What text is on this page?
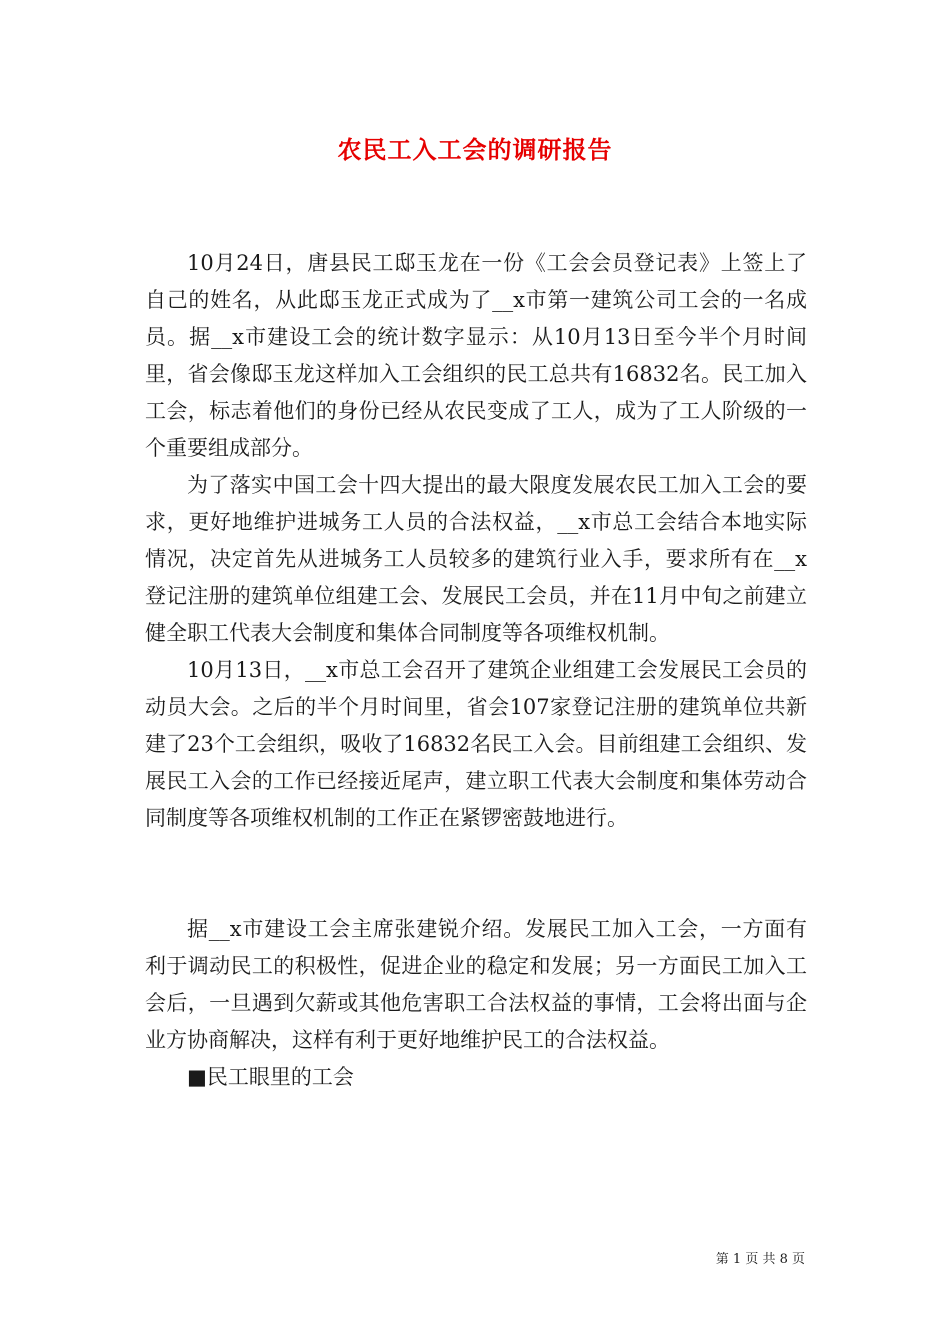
农民工入工会的调研报告

10月24日，唐县民工邸玉龙在一份《工会会员登记表》上签上了自己的姓名，从此邸玉龙正式成为了__x市第一建筑公司工会的一名成员。据__x市建设工会的统计数字显示：从10月13日至今半个月时间里，省会像邸玉龙这样加入工会组织的民工总共有16832名。民工加入工会，标志着他们的身份已经从农民变成了工人，成为了工人阶级的一个重要组成部分。

为了落实中国工会十四大提出的最大限度发展农民工加入工会的要求，更好地维护进城务工人员的合法权益，__x市总工会结合本地实际情况，决定首先从进城务工人员较多的建筑行业入手，要求所有在__x登记注册的建筑单位组建工会、发展民工会员，并在11月中旬之前建立健全职工代表大会制度和集体合同制度等各项维权机制。

10月13日，__x市总工会召开了建筑企业组建工会发展民工会员的动员大会。之后的半个月时间里，省会107家登记注册的建筑单位共新建了23个工会组织，吸收了16832名民工入会。目前组建工会组织、发展民工入会的工作已经接近尾声，建立职工代表大会制度和集体劳动合同制度等各项维权机制的工作正在紧锣密鼓地进行。

据__x市建设工会主席张建锐介绍。发展民工加入工会，一方面有利于调动民工的积极性，促进企业的稳定和发展；另一方面民工加入工会后，一旦遇到欠薪或其他危害职工合法权益的事情，工会将出面与企业方协商解决，这样有利于更好地维护民工的合法权益。

■民工眼里的工会

第 1 页 共 8 页
